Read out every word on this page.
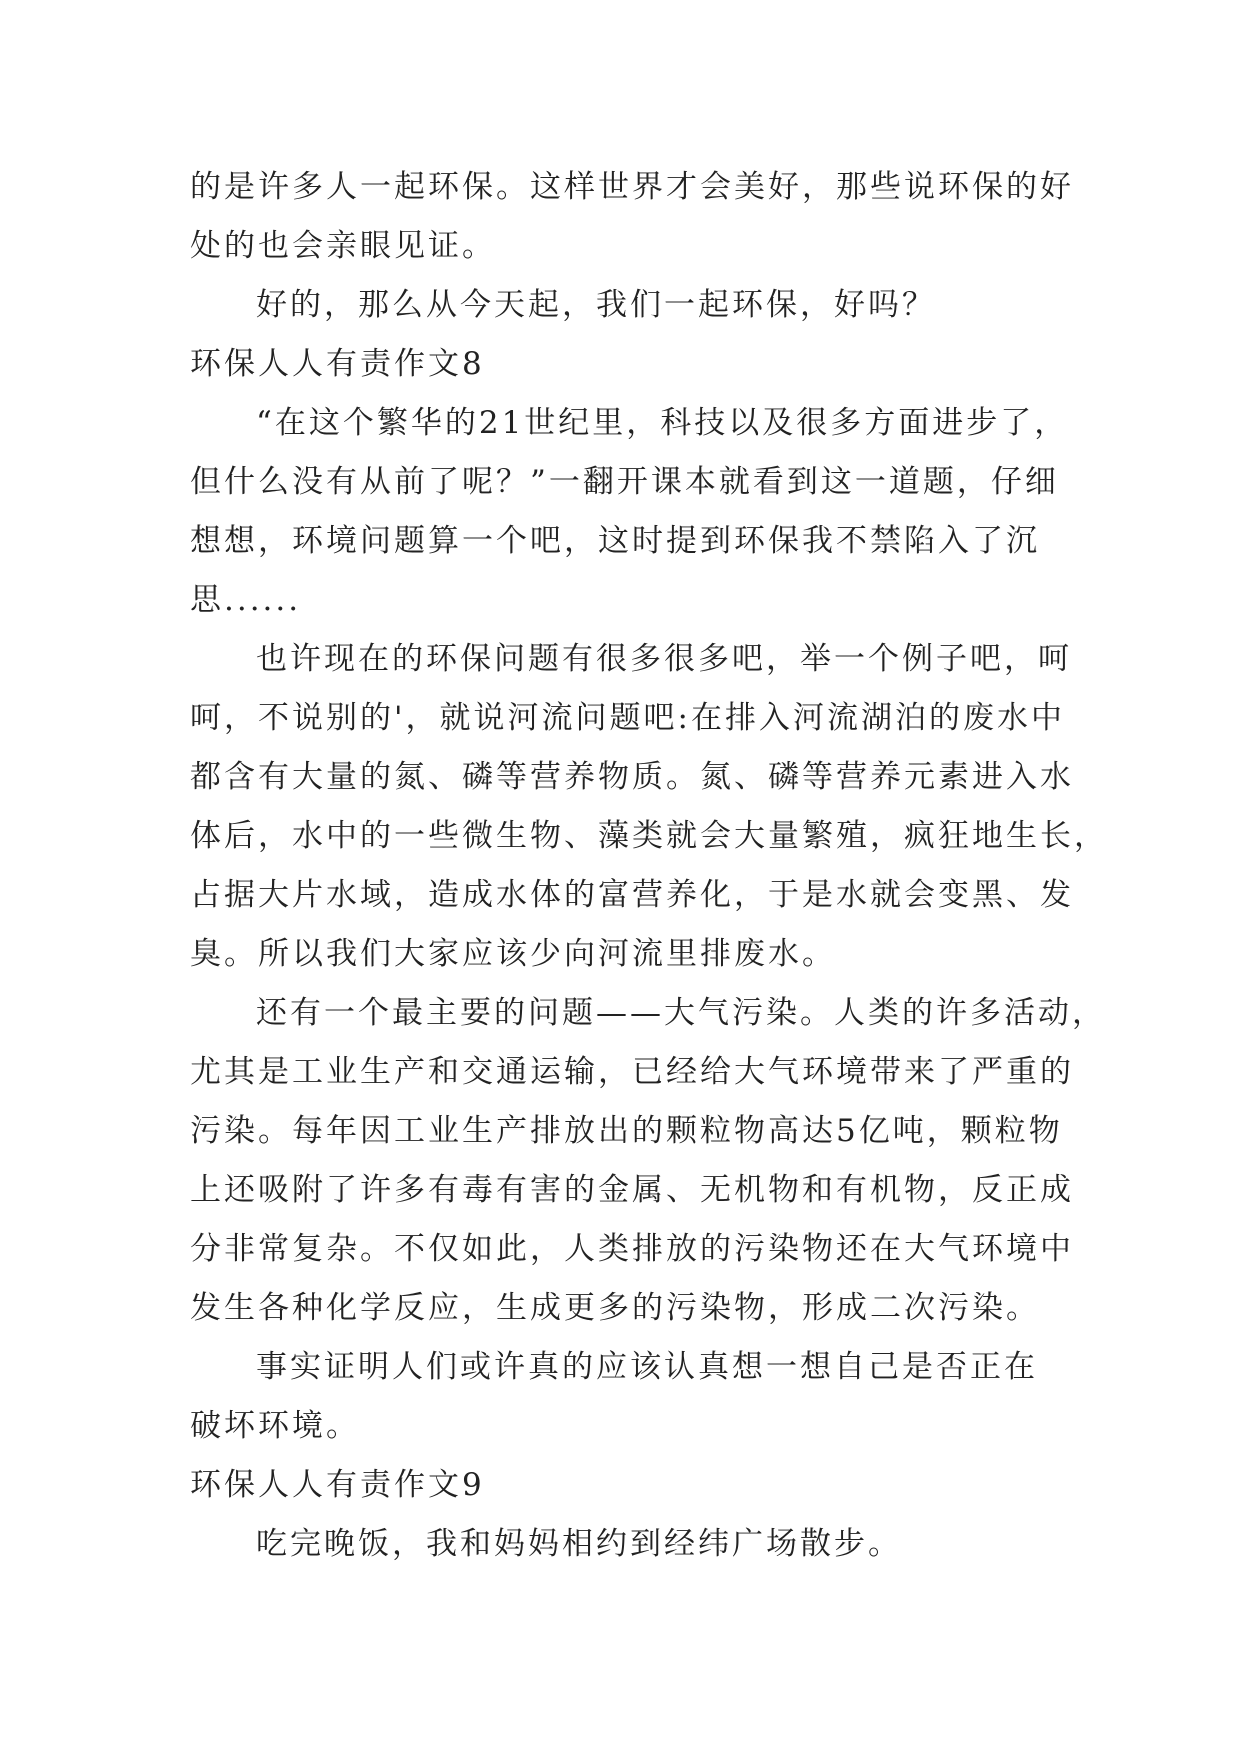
的是许多人一起环保。这样世界才会美好，那些说环保的好
处的也会亲眼见证。
好的，那么从今天起，我们一起环保，好吗？
环保人人有责作文8
“在这个繁华的21世纪里，科技以及很多方面进步了，
但什么没有从前了呢？”一翻开课本就看到这一道题，仔细
想想，环境问题算一个吧，这时提到环保我不禁陷入了沉
思......
也许现在的环保问题有很多很多吧，举一个例子吧，呵
呵，不说别的'，就说河流问题吧:在排入河流湖泊的废水中
都含有大量的氮、磷等营养物质。氮、磷等营养元素进入水
体后，水中的一些微生物、藻类就会大量繁殖，疯狂地生长，
占据大片水域，造成水体的富营养化，于是水就会变黑、发
臭。所以我们大家应该少向河流里排废水。
还有一个最主要的问题——大气污染。人类的许多活动，
尤其是工业生产和交通运输，已经给大气环境带来了严重的
污染。每年因工业生产排放出的颗粒物高达5亿吨，颗粒物
上还吸附了许多有毒有害的金属、无机物和有机物，反正成
分非常复杂。不仅如此，人类排放的污染物还在大气环境中
发生各种化学反应，生成更多的污染物，形成二次污染。
事实证明人们或许真的应该认真想一想自己是否正在
破坏环境。
环保人人有责作文9
吃完晚饭，我和妈妈相约到经纬广场散步。
